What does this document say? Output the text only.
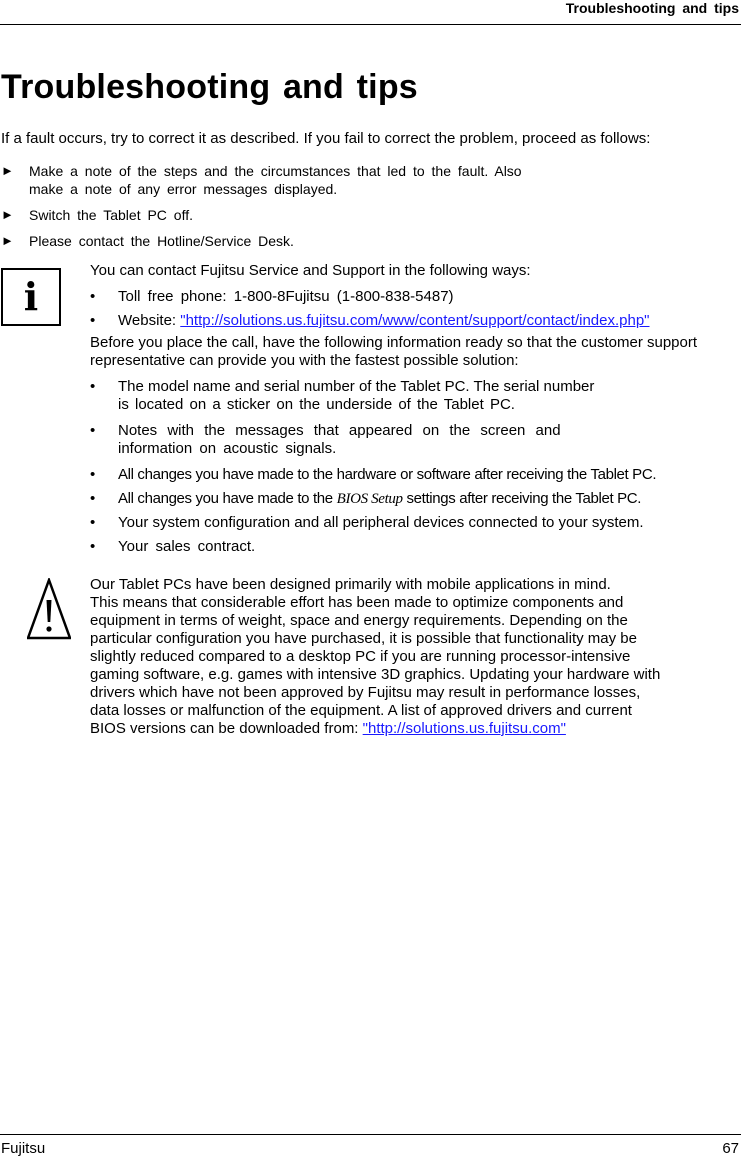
Troubleshooting and tips
Troubleshooting and tips
If a fault occurs, try to correct it as described. If you fail to correct the problem, proceed as follows:
► Make a note of the steps and the circumstances that led to the fault. Also
make a note of any error messages displayed.
► Switch the Tablet PC off.
► Please contact the Hotline/Service Desk.
i

You can contact Fujitsu Service and Support in the following ways:

• Toll free phone: 1-800-8Fujitsu (1-800-838-5487)
• Website: "http://solutions.us.fujitsu.com/www/content/support/contact/index.php"

Before you place the call, have the following information ready so that the customer support representative can provide you with the fastest possible solution:

• The model name and serial number of the Tablet PC. The serial number
is located on a sticker on the underside of the Tablet PC.
• Notes with the messages that appeared on the screen and
information on acoustic signals.
• All changes you have made to the hardware or software after receiving the Tablet PC.
• All changes you have made to the BIOS Setup settings after receiving the Tablet PC.
• Your system configuration and all peripheral devices connected to your system.
• Your sales contract.
Our Tablet PCs have been designed primarily with mobile applications in mind.
This means that considerable effort has been made to optimize components and
equipment in terms of weight, space and energy requirements. Depending on the
particular configuration you have purchased, it is possible that functionality may be
slightly reduced compared to a desktop PC if you are running processor-intensive
gaming software, e.g. games with intensive 3D graphics. Updating your hardware with
drivers which have not been approved by Fujitsu may result in performance losses,
data losses or malfunction of the equipment. A list of approved drivers and current
BIOS versions can be downloaded from: "http://solutions.us.fujitsu.com"
Fujitsu	67
